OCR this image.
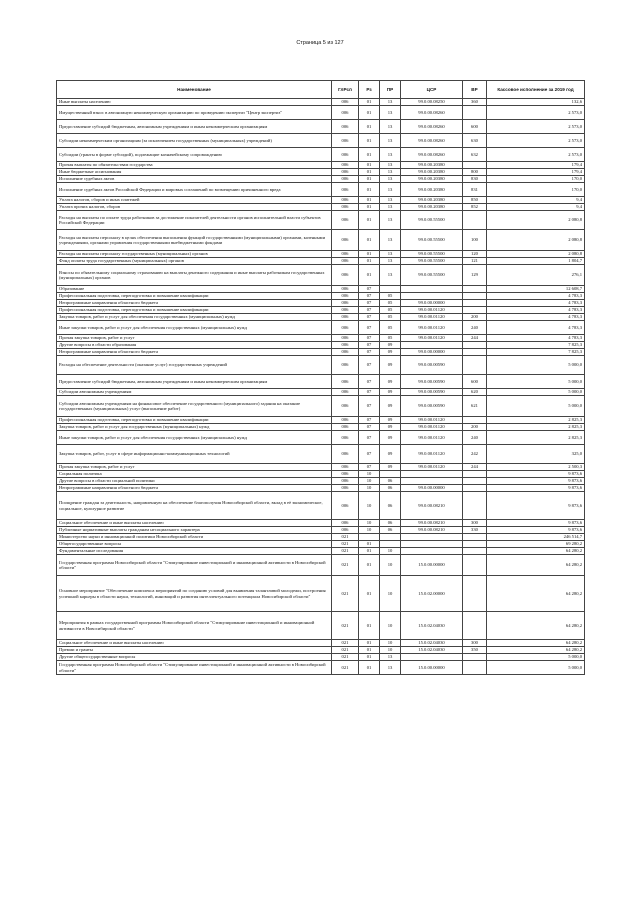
Страница 5 из 127
Наименование	ГлРсп	Рз	ПР	ЦСР	ВР	Кассовое исполнение за 2019 год
Иные выплаты населению	006	01	13	99.0.00.08250	360	132,6
Имущественный взнос в автономную некоммерческую организацию по проведению экспертиз "Центр экспертиз"	006	01	13	99.0.00.08260		2 573,0
Предоставление субсидий бюджетным, автономным учреждениям и иным некоммерческим организациям	006	01	13	99.0.00.08260	600	2 573,0
Субсидии некоммерческим организациям (за исключением государственных (муниципальных) учреждений)	006	01	13	99.0.00.08260	630	2 573,0
Субсидии (гранты в форме субсидий), подлежащие казначейскому сопровождению	006	01	13	99.0.00.08260	632	2 573,0
Прочая выплаты по обязательствам государства	006	01	13	99.0.00.20380		179,4
Иные бюджетные ассигнования	006	01	13	99.0.00.20380	800	179,4
Исполнение судебных актов	006	01	13	99.0.00.20380	830	170,0
Исполнение судебных актов Российской Федерации и мировых соглашений по возмещению причиненного вреда	006	01	13	99.0.00.20380	831	170,0
Уплата налогов, сборов и иных платежей	006	01	13	99.0.00.20380	850	9,4
Уплата прочих налогов, сборов	006	01	13	99.0.00.20380	852	9,4
Расходы на выплаты по оплате труда работников за достижение показателей деятельности органов исполнительной власти субъектов Российской Федерации	006	01	13	99.0.00.55500		2 080,8
Расходы на выплаты персоналу в целях обеспечения выполнения функций государственными (муниципальными) органами, казенными учреждениями, органами управления государственными внебюджетными фондами	006	01	13	99.0.00.55500	100	2 080,8
Расходы на выплаты персоналу государственных (муниципальных) органов	006	01	13	99.0.00.55500	120	2 080,8
Фонд оплаты труда государственных (муниципальных) органов	006	01	13	99.0.00.55500	121	1 804,7
Взносы по обязательному социальному страхованию на выплаты денежного содержания и иные выплаты работникам государственных (муниципальных) органов	006	01	13	99.0.00.55500	129	276,1
Образование	006	07				12 608,7
Профессиональная подготовка, переподготовка и повышение квалификации	006	07	05			4 783,3
Непрограммные направления областного бюджета	006	07	05	99.0.00.00000		4 783,3
Профессиональная подготовка, переподготовка и повышение квалификации	006	07	05	99.0.00.01120		4 783,3
Закупка товаров, работ и услуг для обеспечения государственных (муниципальных) нужд	006	07	05	99.0.00.01120	200	4 783,3
Иные закупки товаров, работ и услуг для обеспечения государственных (муниципальных) нужд	006	07	05	99.0.00.01120	240	4 783,3
Прочая закупка товаров, работ и услуг	006	07	05	99.0.00.01120	244	4 783,3
Другие вопросы в области образования	006	07	09			7 825,3
Непрограммные направления областного бюджета	006	07	09	99.0.00.00000		7 825,3
Расходы на обеспечение деятельности (оказание услуг) государственных учреждений	006	07	09	99.0.00.00590		5 000,0
Предоставление субсидий бюджетным, автономным учреждениям и иным некоммерческим организациям	006	07	09	99.0.00.00590	600	5 000,0
Субсидии автономным учреждениям	006	07	09	99.0.00.00590	620	5 000,0
Субсидии автономным учреждениям на финансовое обеспечение государственного (муниципального) задания на оказание государственных (муниципальных) услуг (выполнение работ)	006	07	09	99.0.00.00590	621	5 000,0
Профессиональная подготовка, переподготовка и повышение квалификации	006	07	09	99.0.00.01120		2 825,3
Закупка товаров, работ и услуг для государственных (муниципальных) нужд	006	07	09	99.0.00.01120	200	2 825,3
Иные закупки товаров, работ и услуг для обеспечения государственных (муниципальных) нужд	006	07	09	99.0.00.01120	240	2 825,3
Закупка товаров, работ, услуг в сфере информационно-коммуникационных технологий	006	07	09	99.0.00.01120	242	325,0
Прочая закупка товаров, работ и услуг	006	07	09	99.0.00.01120	244	2 500,3
Социальная политика	006	10				9 873,6
Другие вопросы в области социальной политики	006	10	06			9 873,6
Непрограммные направления областного бюджета	006	10	06	99.0.00.00000		9 873,6
Поощрение граждан за деятельность, направленную на обеспечение благополучия Новосибирской области, вклад в её экономическое, социальное, культурное развитие	006	10	06	99.0.00.08210		9 873,6
Социальное обеспечение и иные выплаты населению	006	10	06	99.0.00.08210	300	9 873,6
Публичные нормативные выплаты гражданам несоциального характера	006	10	06	99.0.00.08210	330	9 873,6
Министерство науки и инновационной политики Новосибирской области	021					246 514,7
Общегосударственные вопросы	021	01				69 280,2
Фундаментальные исследования	021	01	10			64 280,2
Государственная программа Новосибирской области "Стимулирование инвестиционной и инновационной активности в Новосибирской области"	021	01	10	15.0.00.00000		64 280,2
Основное мероприятие "Обеспечение комплекса мероприятий по созданию условий для выявления талантливой молодежи, построения успешной карьеры в области науки, технологий, инноваций и развития интеллектуального потенциала Новосибирской области"	021	01	10	15.0.02.00000		64 280,2
Мероприятия в рамках государственной программы Новосибирской области "Стимулирование инвестиционной и инновационной активности в Новосибирской области"	021	01	10	15.0.02.04030		64 280,2
Социальное обеспечение и иные выплаты населению	021	01	10	15.0.02.04030	300	64 280,2
Премии и гранты	021	01	10	15.0.02.04030	350	64 280,2
Другие общегосударственные вопросы	021	01	13			5 000,0
Государственная программа Новосибирской области "Стимулирование инвестиционной и инновационной активности в Новосибирской области"	021	01	13	15.0.00.00000		5 000,0
